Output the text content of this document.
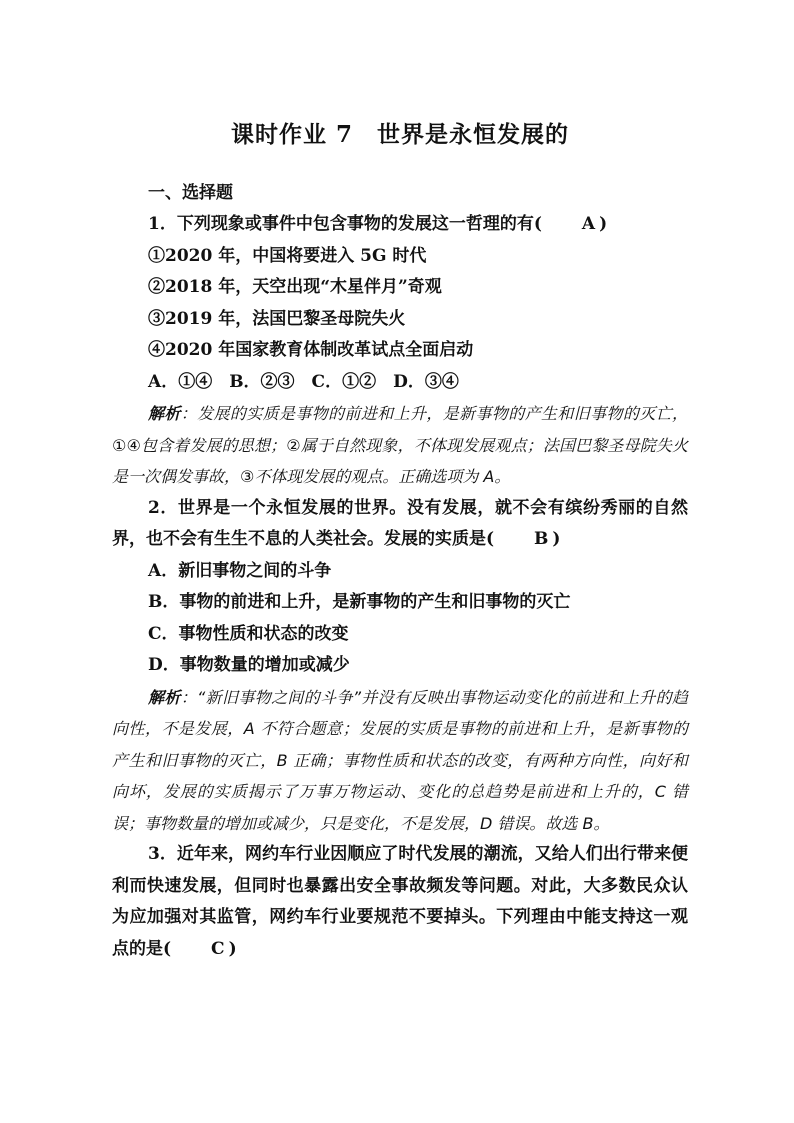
课时作业 7　世界是永恒发展的
一、选择题

1．下列现象或事件中包含事物的发展这一哲理的有( A )

①2020 年，中国将要进入 5G 时代
②2018 年，天空出现“木星伴月”奇观
③2019 年，法国巴黎圣母院失火
④2020 年国家教育体制改革试点全面启动
A．①④　B．②③　C．①②　D．③④

解析：发展的实质是事物的前进和上升，是新事物的产生和旧事物的灭亡，①④包含着发展的思想；②属于自然现象，不体现发展观点；法国巴黎圣母院失火是一次偶发事故，③不体现发展的观点。正确选项为 A。

2．世界是一个永恒发展的世界。没有发展，就不会有缤纷秀丽的自然界，也不会有生生不息的人类社会。发展的实质是( B )

A．新旧事物之间的斗争
B．事物的前进和上升，是新事物的产生和旧事物的灭亡
C．事物性质和状态的改变
D．事物数量的增加或减少

解析：“新旧事物之间的斗争”并没有反映出事物运动变化的前进和上升的趋向性，不是发展，A 不符合题意；发展的实质是事物的前进和上升，是新事物的产生和旧事物的灭亡，B 正确；事物性质和状态的改变，有两种方向性，向好和向坏，发展的实质揭示了万事万物运动、变化的总趋势是前进和上升的，C 错误；事物数量的增加或减少，只是变化，不是发展，D 错误。故选 B。

3．近年来，网约车行业因顺应了时代发展的潮流，又给人们出行带来便利而快速发展，但同时也暴露出安全事故频发等问题。对此，大多数民众认为应加强对其监管，网约车行业要规范不要掉头。下列理由中能支持这一观点的是( C )
